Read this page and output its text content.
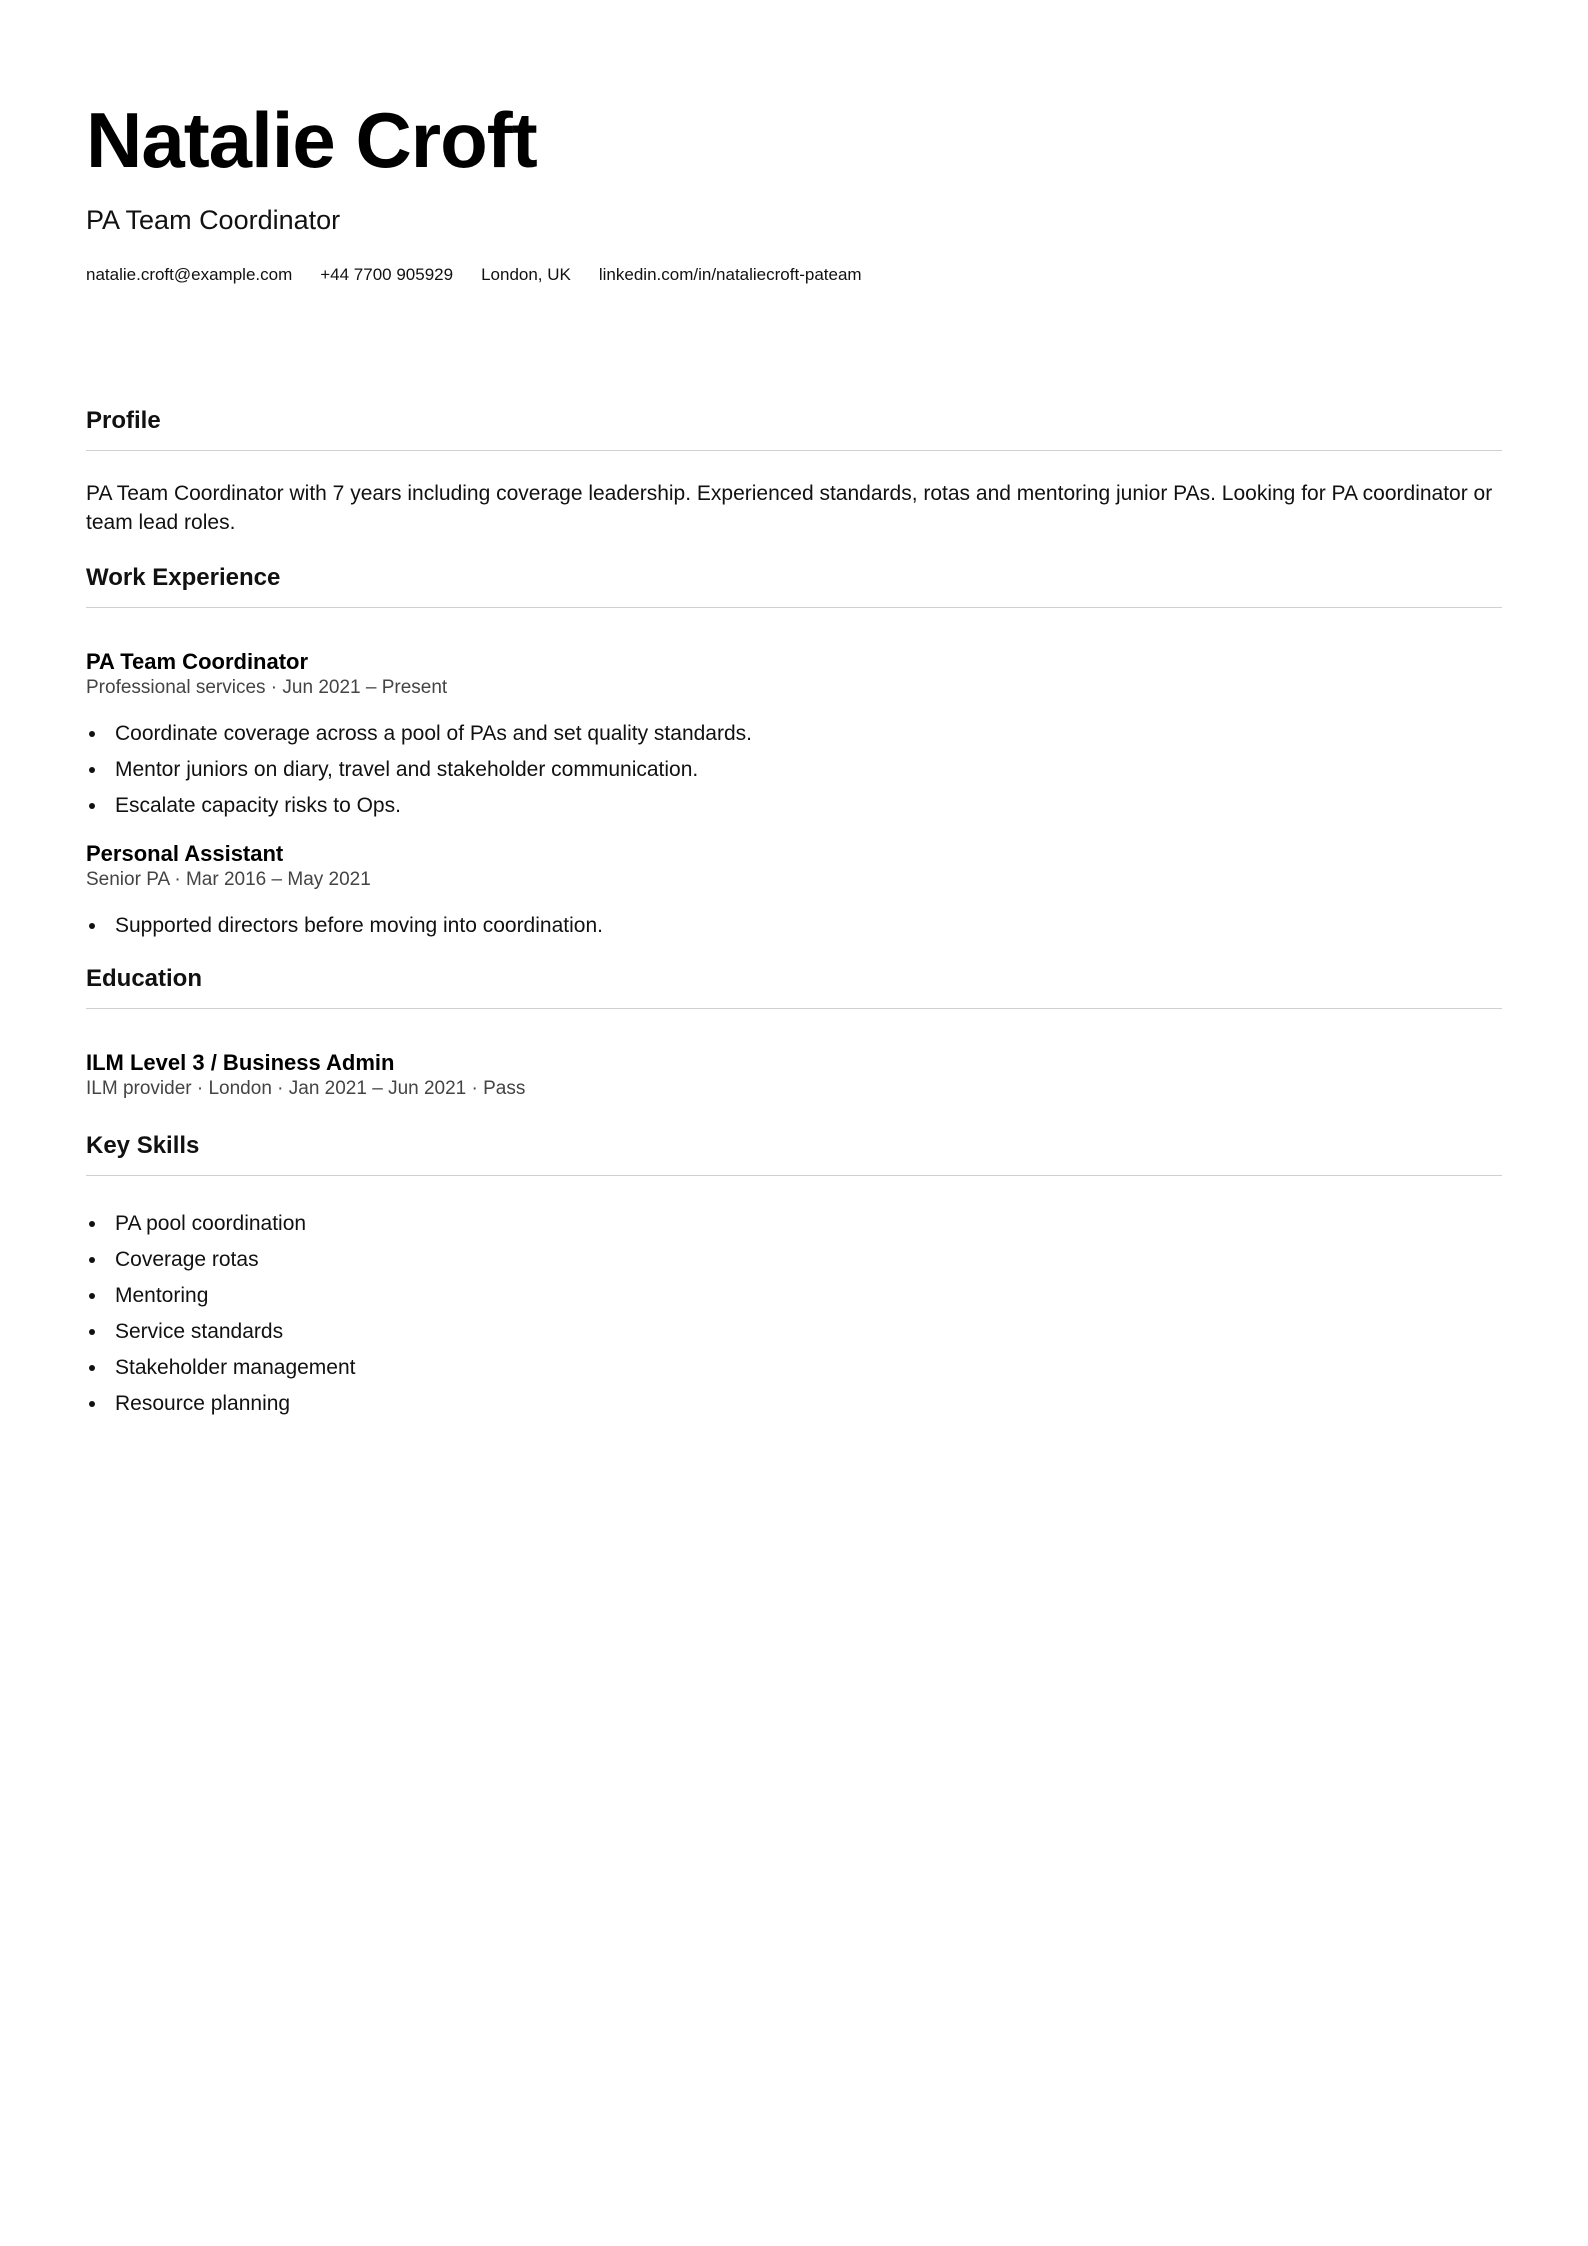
Natalie Croft

PA Team Coordinator

natalie.croft@example.com +44 7700 905929 London, UK linkedin.com/in/nataliecroft-pateam
Profile

PA Team Coordinator with 7 years including coverage leadership. Experienced standards, rotas and mentoring junior PAs. Looking for PA coordinator or team lead roles.

Work Experience
PA Team Coordinator

Professional services · Jun 2021 – Present

Coordinate coverage across a pool of PAs and set quality standards.
Mentor juniors on diary, travel and stakeholder communication.
Escalate capacity risks to Ops.
Personal Assistant

Senior PA · Mar 2016 – May 2021

Supported directors before moving into coordination.
Education
ILM Level 3 / Business Admin

ILM provider · London · Jan 2021 – Jun 2021 · Pass

Key Skills
PA pool coordination
Coverage rotas
Mentoring
Service standards
Stakeholder management
Resource planning
